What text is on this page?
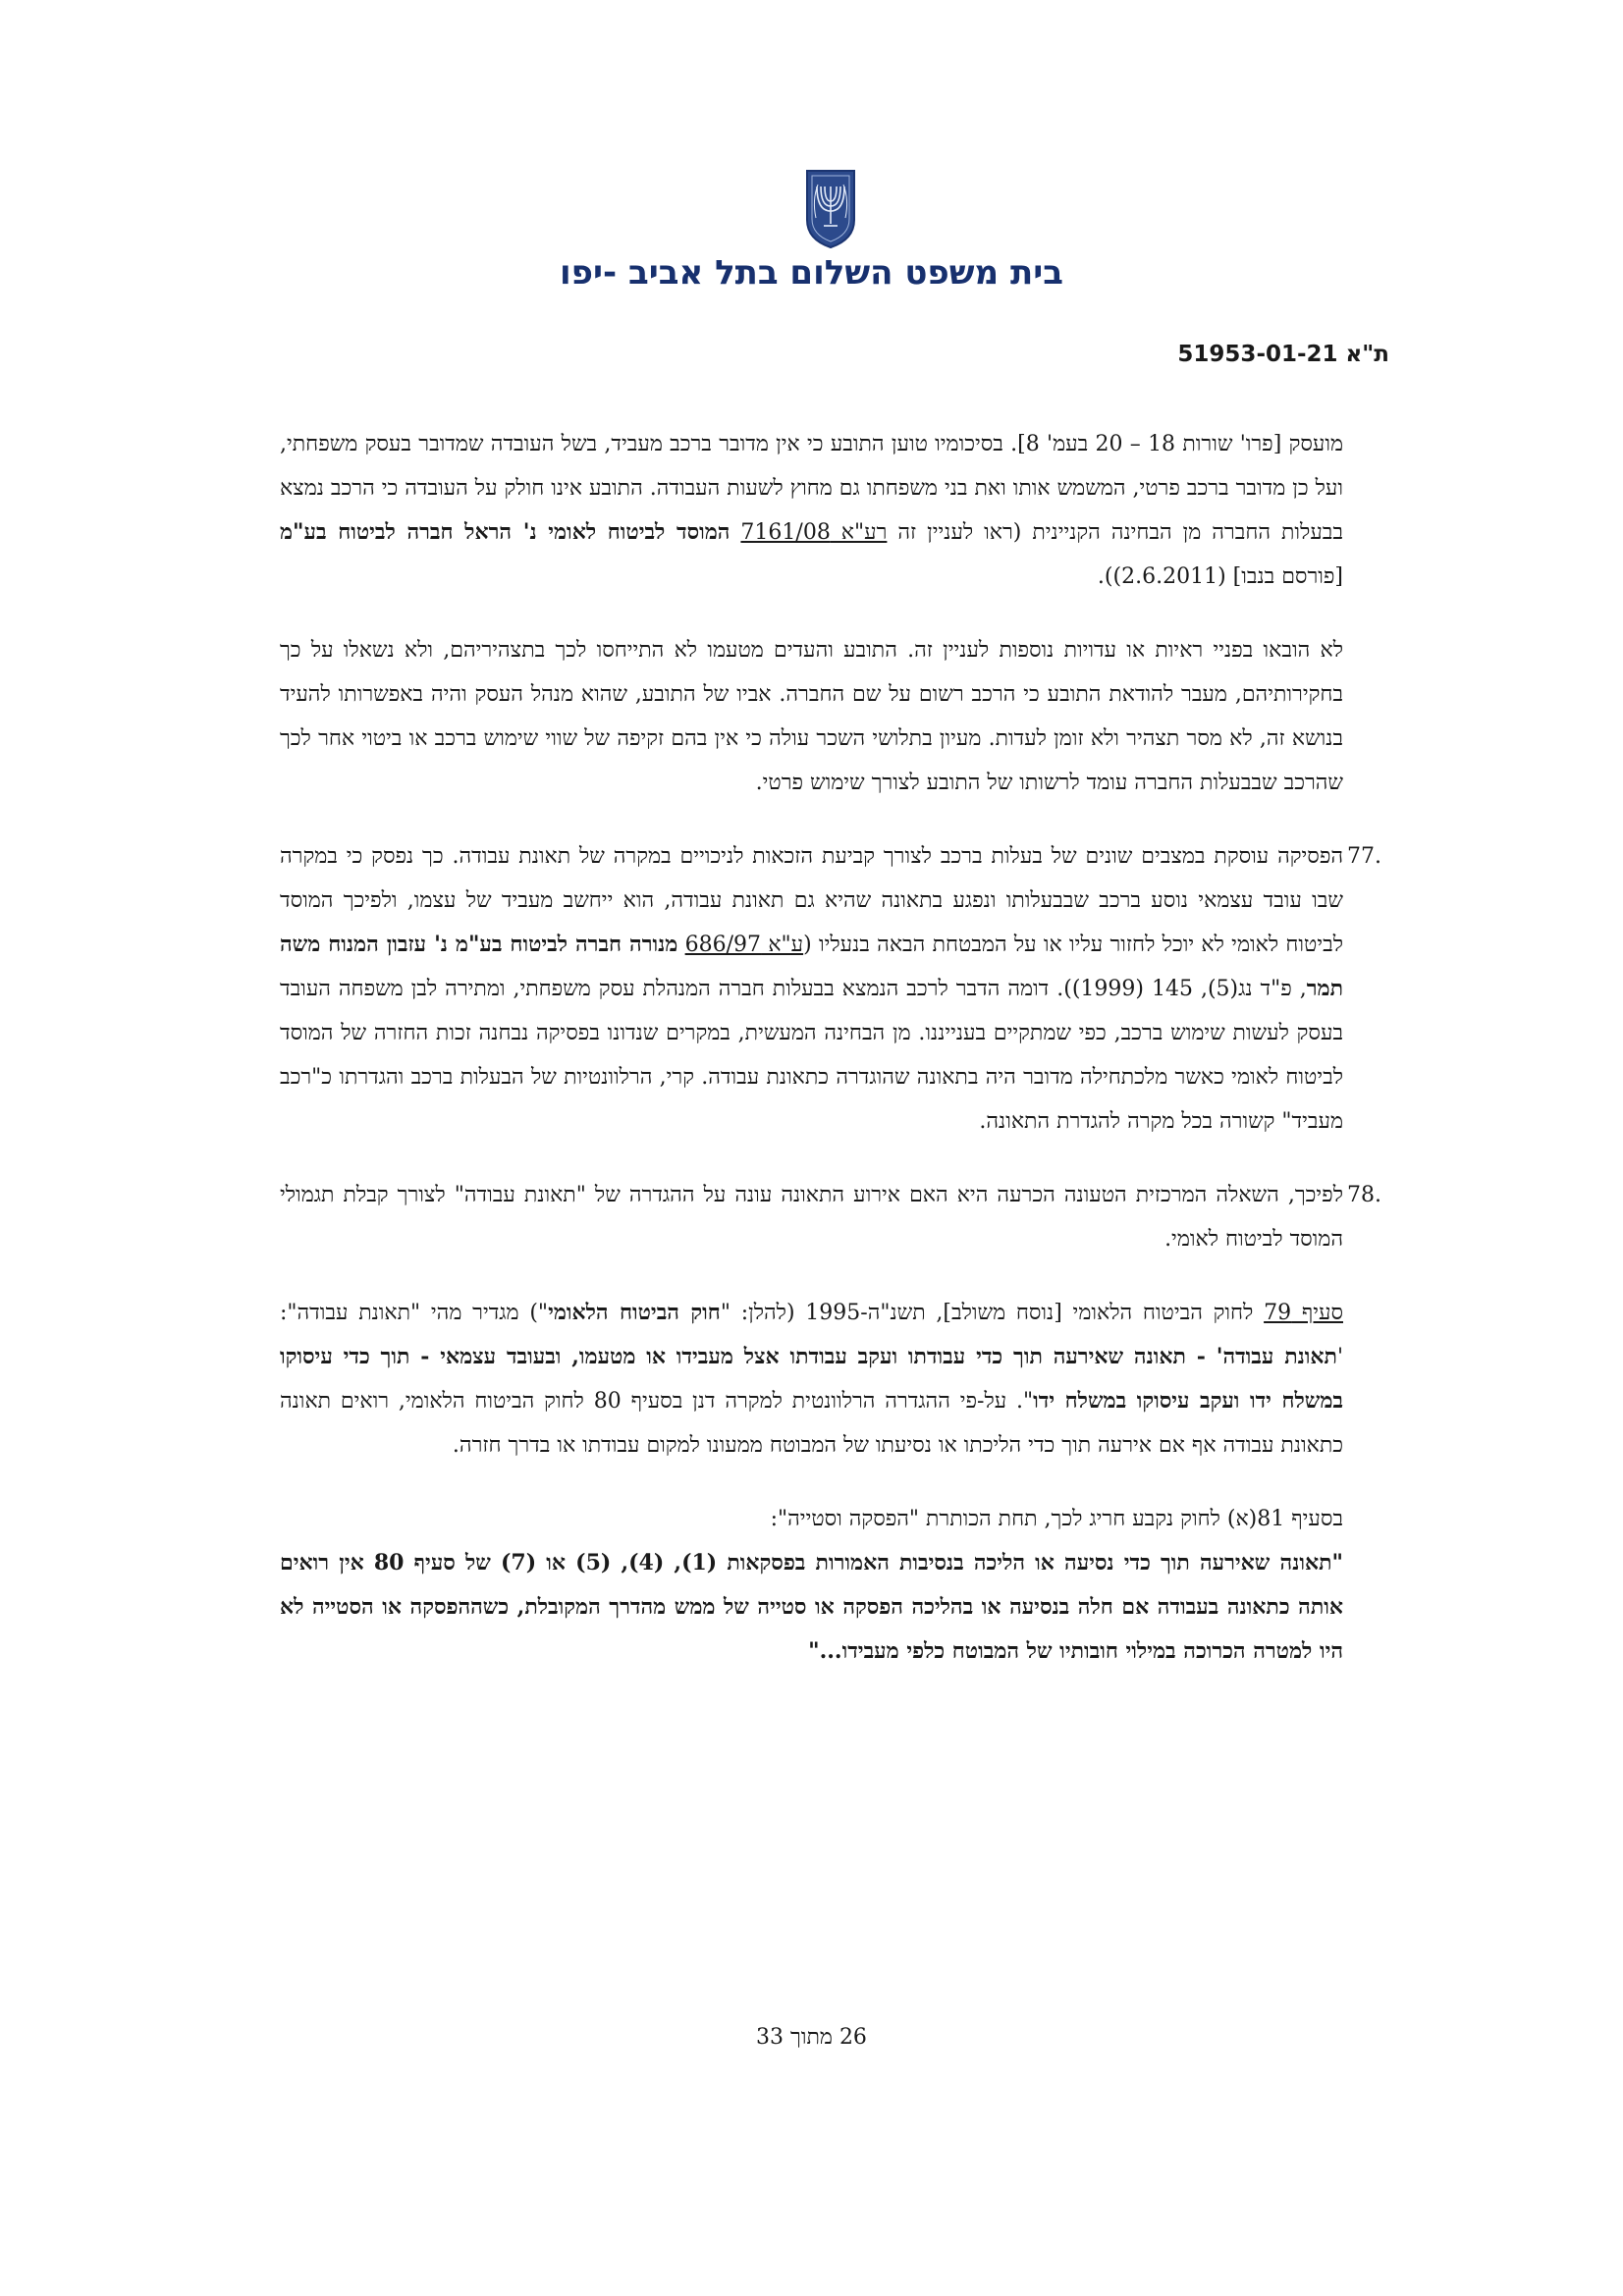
בית משפט השלום בתל אביב -יפו
ת"א 51953-01-21

מועסק [פרו' שורות 18 – 20 בעמ' 8]. בסיכומיו טוען התובע כי אין מדובר ברכב מעביד, בשל העובדה שמדובר בעסק משפחתי, ועל כן מדובר ברכב פרטי, המשמש אותו ואת בני משפחתו גם מחוץ לשעות העבודה. התובע אינו חולק על העובדה כי הרכב נמצא בבעלות החברה מן הבחינה הקניינית (ראו לעניין זה רע"א 7161/08 המוסד לביטוח לאומי נ' הראל חברה לביטוח בע"מ [פורסם בנבו] (2.6.2011)).

לא הובאו בפניי ראיות או עדויות נוספות לעניין זה. התובע והעדים מטעמו לא התייחסו לכך בתצהיריהם, ולא נשאלו על כך בחקירותיהם, מעבר להודאת התובע כי הרכב רשום על שם החברה. אביו של התובע, שהוא מנהל העסק והיה באפשרותו להעיד בנושא זה, לא מסר תצהיר ולא זומן לעדות. מעיון בתלושי השכר עולה כי אין בהם זקיפה של שווי שימוש ברכב או ביטוי אחר לכך שהרכב שבבעלות החברה עומד לרשותו של התובע לצורך שימוש פרטי.

77.
הפסיקה עוסקת במצבים שונים של בעלות ברכב לצורך קביעת הזכאות לניכויים במקרה של תאונת עבודה. כך נפסק כי במקרה שבו עובד עצמאי נוסע ברכב שבבעלותו ונפגע בתאונה שהיא גם תאונת עבודה, הוא ייחשב מעביד של עצמו, ולפיכך המוסד לביטוח לאומי לא יוכל לחזור עליו או על המבטחת הבאה בנעליו (ע"א 686/97 מנורה חברה לביטוח בע"מ נ' עזבון המנוח משה תמר, פ"ד נג(5), 145 (1999)). דומה הדבר לרכב הנמצא בבעלות חברה המנהלת עסק משפחתי, ומתירה לבן משפחה העובד בעסק לעשות שימוש ברכב, כפי שמתקיים בענייננו. מן הבחינה המעשית, במקרים שנדונו בפסיקה נבחנה זכות החזרה של המוסד לביטוח לאומי כאשר מלכתחילה מדובר היה בתאונה שהוגדרה כתאונת עבודה. קרי, הרלוונטיות של הבעלות ברכב והגדרתו כ"רכב מעביד" קשורה בכל מקרה להגדרת התאונה.
78.
לפיכך, השאלה המרכזית הטעונה הכרעה היא האם אירוע התאונה עונה על ההגדרה של "תאונת עבודה" לצורך קבלת תגמולי המוסד לביטוח לאומי.

סעיף 79 לחוק הביטוח הלאומי [נוסח משולב], תשנ"ה-1995 (להלן: "חוק הביטוח הלאומי") מגדיר מהי "תאונת עבודה": 'תאונת עבודה' - תאונה שאירעה תוך כדי עבודתו ועקב עבודתו אצל מעבידו או מטעמו, ובעובד עצמאי - תוך כדי עיסוקו במשלח ידו ועקב עיסוקו במשלח ידו". על-פי ההגדרה הרלוונטית למקרה דנן בסעיף 80 לחוק הביטוח הלאומי, רואים תאונה כתאונת עבודה אף אם אירעה תוך כדי הליכתו או נסיעתו של המבוטח ממעונו למקום עבודתו או בדרך חזרה.

בסעיף 81(א) לחוק נקבע חריג לכך, תחת הכותרת "הפסקה וסטייה":

"תאונה שאירעה תוך כדי נסיעה או הליכה בנסיבות האמורות בפסקאות (1), (4), (5) או (7) של סעיף 80 אין רואים אותה כתאונה בעבודה אם חלה בנסיעה או בהליכה הפסקה או סטייה של ממש מהדרך המקובלת, כשההפסקה או הסטייה לא היו למטרה הכרוכה במילוי חובותיו של המבוטח כלפי מעבידו..."

26 מתוך 33
